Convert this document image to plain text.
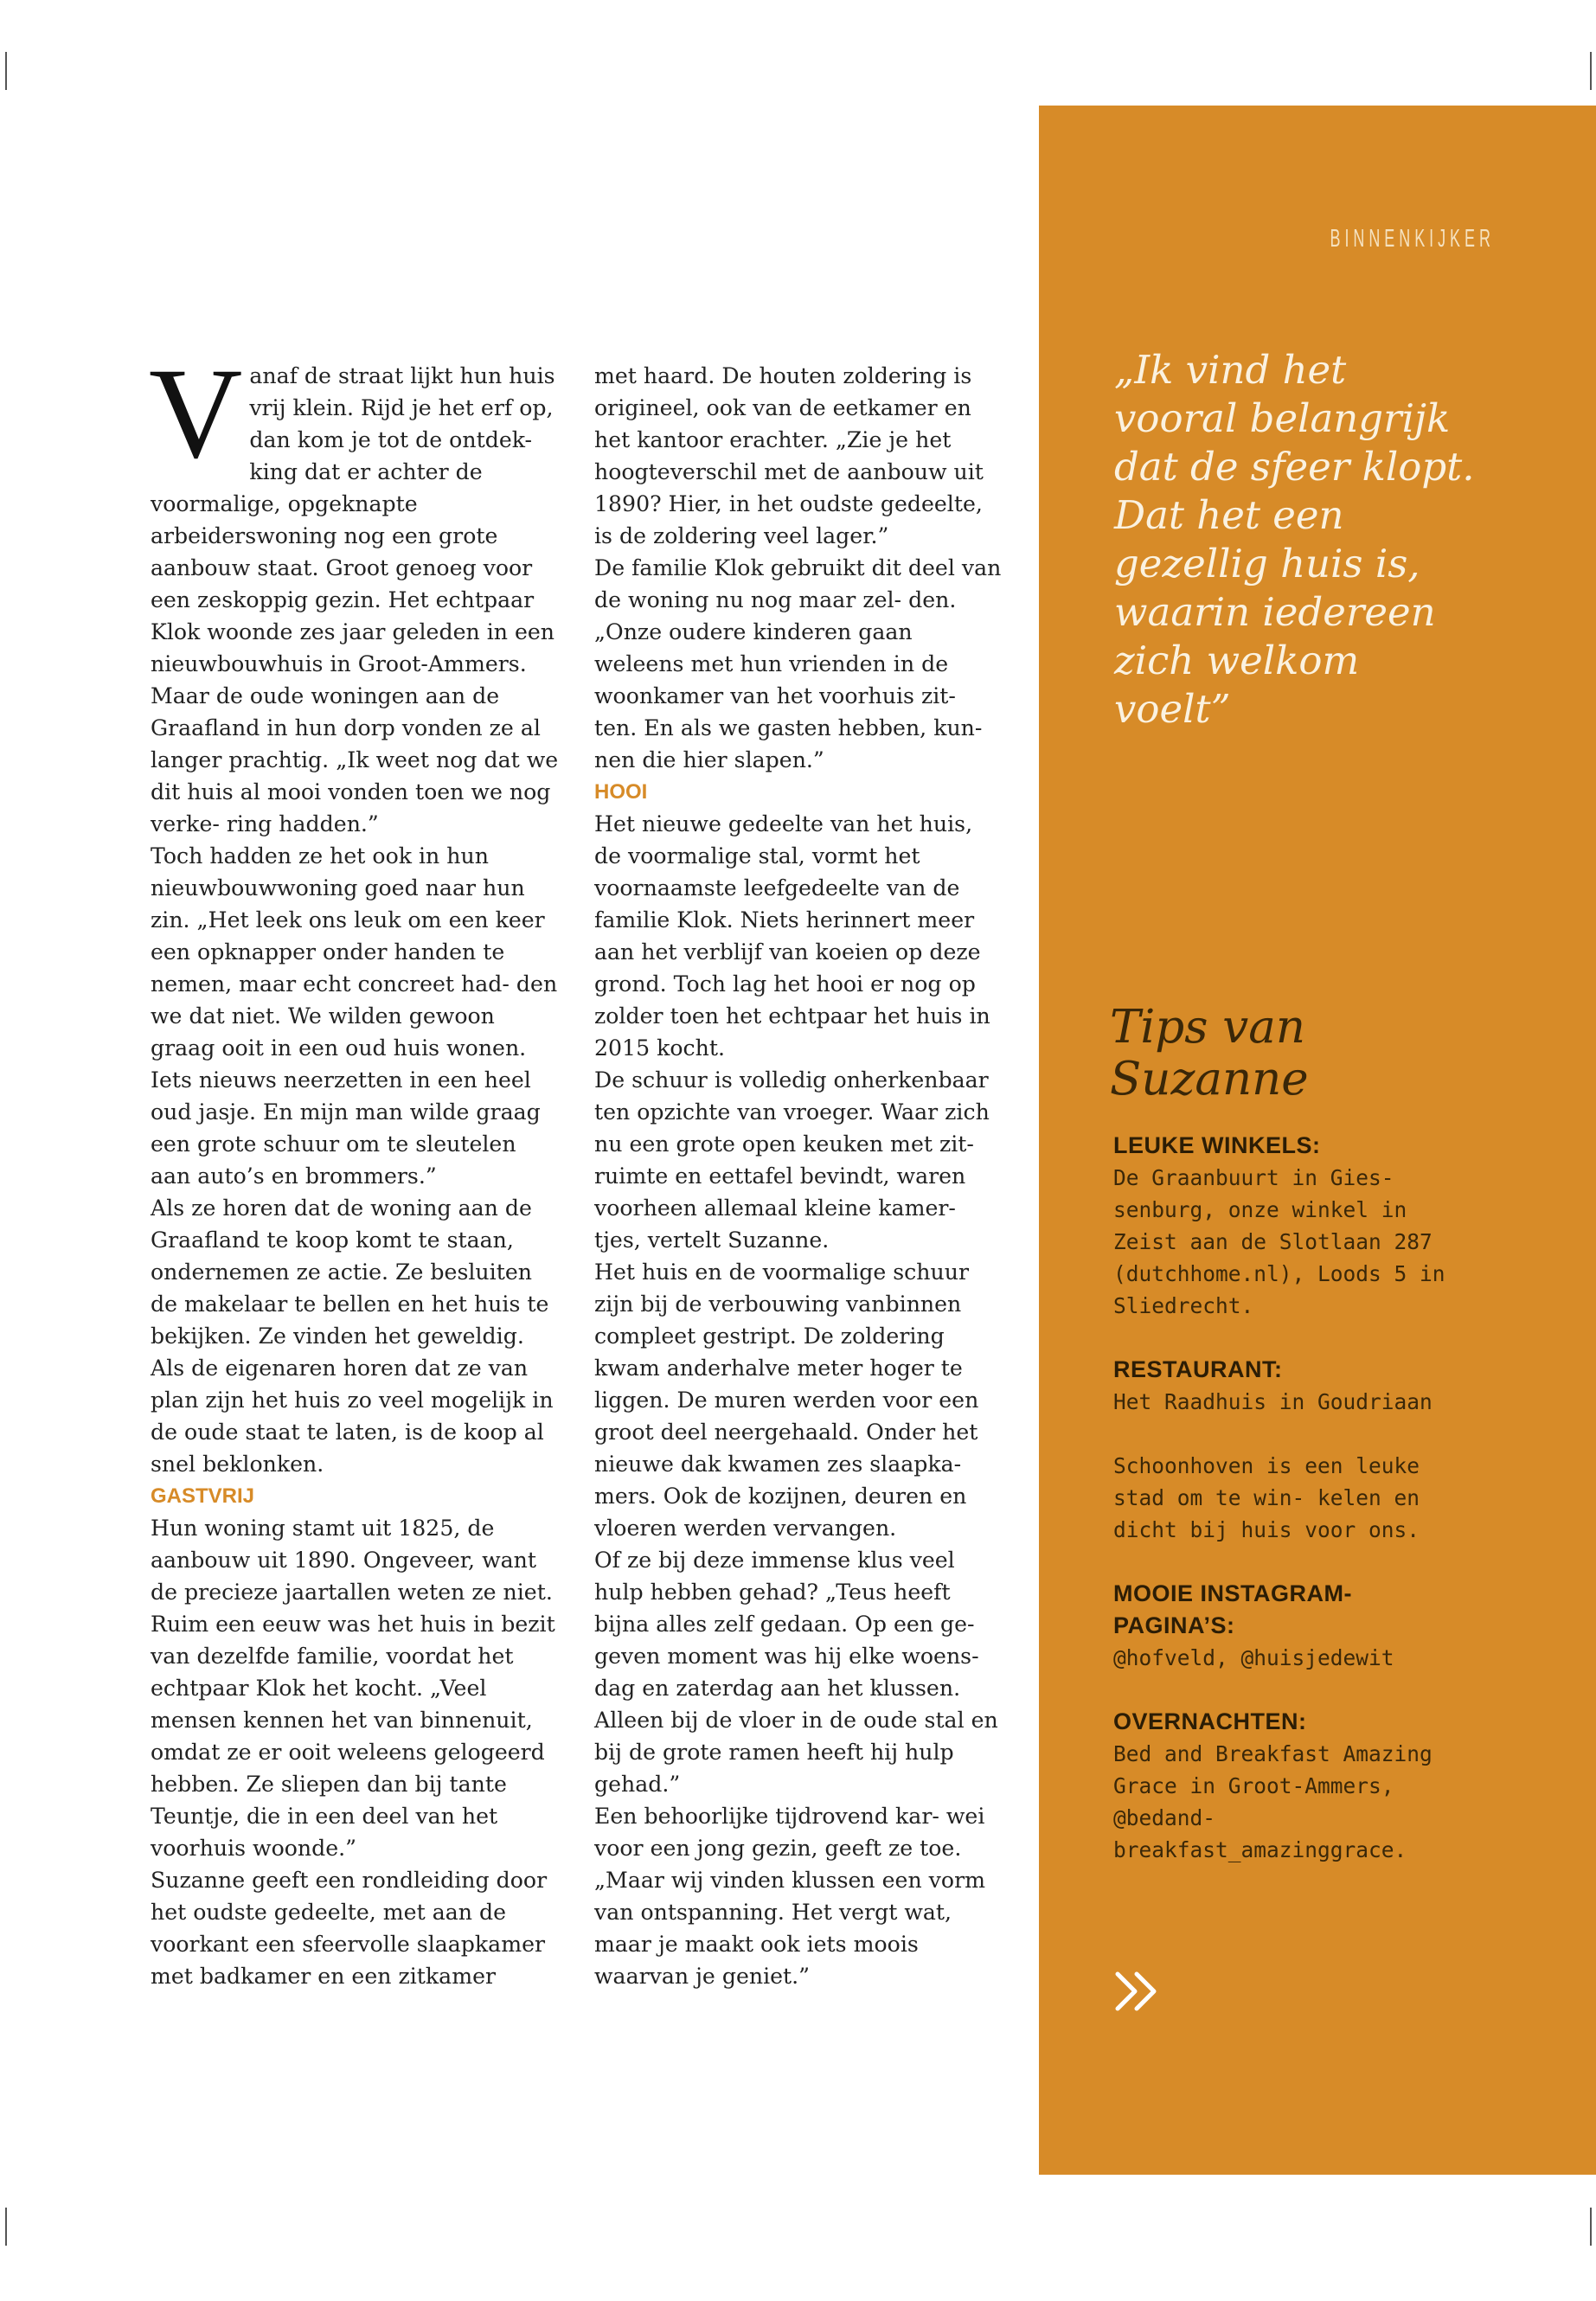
BINNENKIJKER
„Ik vind het vooral belangrijk dat de sfeer klopt. Dat het een gezellig huis is, waarin iedereen zich welkom voelt”

Vanaf de straat lijkt hun huis vrij klein. Rijd je het erf op, dan kom je tot de ontdek- king dat er achter de voormalige, opgeknapte arbeiderswoning nog een grote aanbouw staat. Groot genoeg voor een zeskoppig gezin. Het echtpaar Klok woonde zes jaar geleden in een nieuwbouwhuis in Groot-Ammers. Maar de oude woningen aan de Graafland in hun dorp vonden ze al langer prachtig. „Ik weet nog dat we dit huis al mooi vonden toen we nog verke- ring hadden.”

Toch hadden ze het ook in hun nieuwbouwwoning goed naar hun zin. „Het leek ons leuk om een keer een opknapper onder handen te nemen, maar echt concreet had- den we dat niet. We wilden gewoon graag ooit in een oud huis wonen. Iets nieuws neerzetten in een heel oud jasje. En mijn man wilde graag een grote schuur om te sleutelen aan auto’s en brommers.”

Als ze horen dat de woning aan de Graafland te koop komt te staan, ondernemen ze actie. Ze besluiten de makelaar te bellen en het huis te bekijken. Ze vinden het geweldig. Als de eigenaren horen dat ze van plan zijn het huis zo veel mogelijk in de oude staat te laten, is de koop al snel beklonken.

GASTVRIJ

Hun woning stamt uit 1825, de aanbouw uit 1890. Ongeveer, want de precieze jaartallen weten ze niet. Ruim een eeuw was het huis in bezit van dezelfde familie, voordat het echtpaar Klok het kocht. „Veel mensen kennen het van binnenuit, omdat ze er ooit weleens gelogeerd hebben. Ze sliepen dan bij tante Teuntje, die in een deel van het voorhuis woonde.”

Suzanne geeft een rondleiding door het oudste gedeelte, met aan de voorkant een sfeervolle slaapkamer met badkamer en een zitkamer

met haard. De houten zoldering is origineel, ook van de eetkamer en het kantoor erachter. „Zie je het hoogteverschil met de aanbouw uit 1890? Hier, in het oudste gedeelte, is de zoldering veel lager.”

De familie Klok gebruikt dit deel van de woning nu nog maar zel- den. „Onze oudere kinderen gaan weleens met hun vrienden in de woonkamer van het voorhuis zit- ten. En als we gasten hebben, kun- nen die hier slapen.”

HOOI

Het nieuwe gedeelte van het huis, de voormalige stal, vormt het voornaamste leefgedeelte van de familie Klok. Niets herinnert meer aan het verblijf van koeien op deze grond. Toch lag het hooi er nog op zolder toen het echtpaar het huis in 2015 kocht.

De schuur is volledig onherkenbaar ten opzichte van vroeger. Waar zich nu een grote open keuken met zit- ruimte en eettafel bevindt, waren voorheen allemaal kleine kamer- tjes, vertelt Suzanne.

Het huis en de voormalige schuur zijn bij de verbouwing vanbinnen compleet gestript. De zoldering kwam anderhalve meter hoger te liggen. De muren werden voor een groot deel neergehaald. Onder het nieuwe dak kwamen zes slaapka- mers. Ook de kozijnen, deuren en vloeren werden vervangen.

Of ze bij deze immense klus veel hulp hebben gehad? „Teus heeft bijna alles zelf gedaan. Op een ge- geven moment was hij elke woens- dag en zaterdag aan het klussen. Alleen bij de vloer in de oude stal en bij de grote ramen heeft hij hulp gehad.”

Een behoorlijke tijdrovend kar- wei voor een jong gezin, geeft ze toe. „Maar wij vinden klussen een vorm van ontspanning. Het vergt wat, maar je maakt ook iets moois waarvan je geniet.”

Tips van
Suzanne
LEUKE WINKELS:
De Graanbuurt in Gies- senburg, onze winkel in Zeist aan de Slotlaan 287 (dutchhome.nl), Loods 5 in Sliedrecht.
RESTAURANT:
Het Raadhuis in Goudriaan
Schoonhoven is een leuke stad om te win- kelen en dicht bij huis voor ons.
MOOIE INSTAGRAM- PAGINA’S:
@hofveld, @huisjedewit
OVERNACHTEN:
Bed and Breakfast Amazing Grace in Groot-Ammers, @bedand- breakfast_amazinggrace.
